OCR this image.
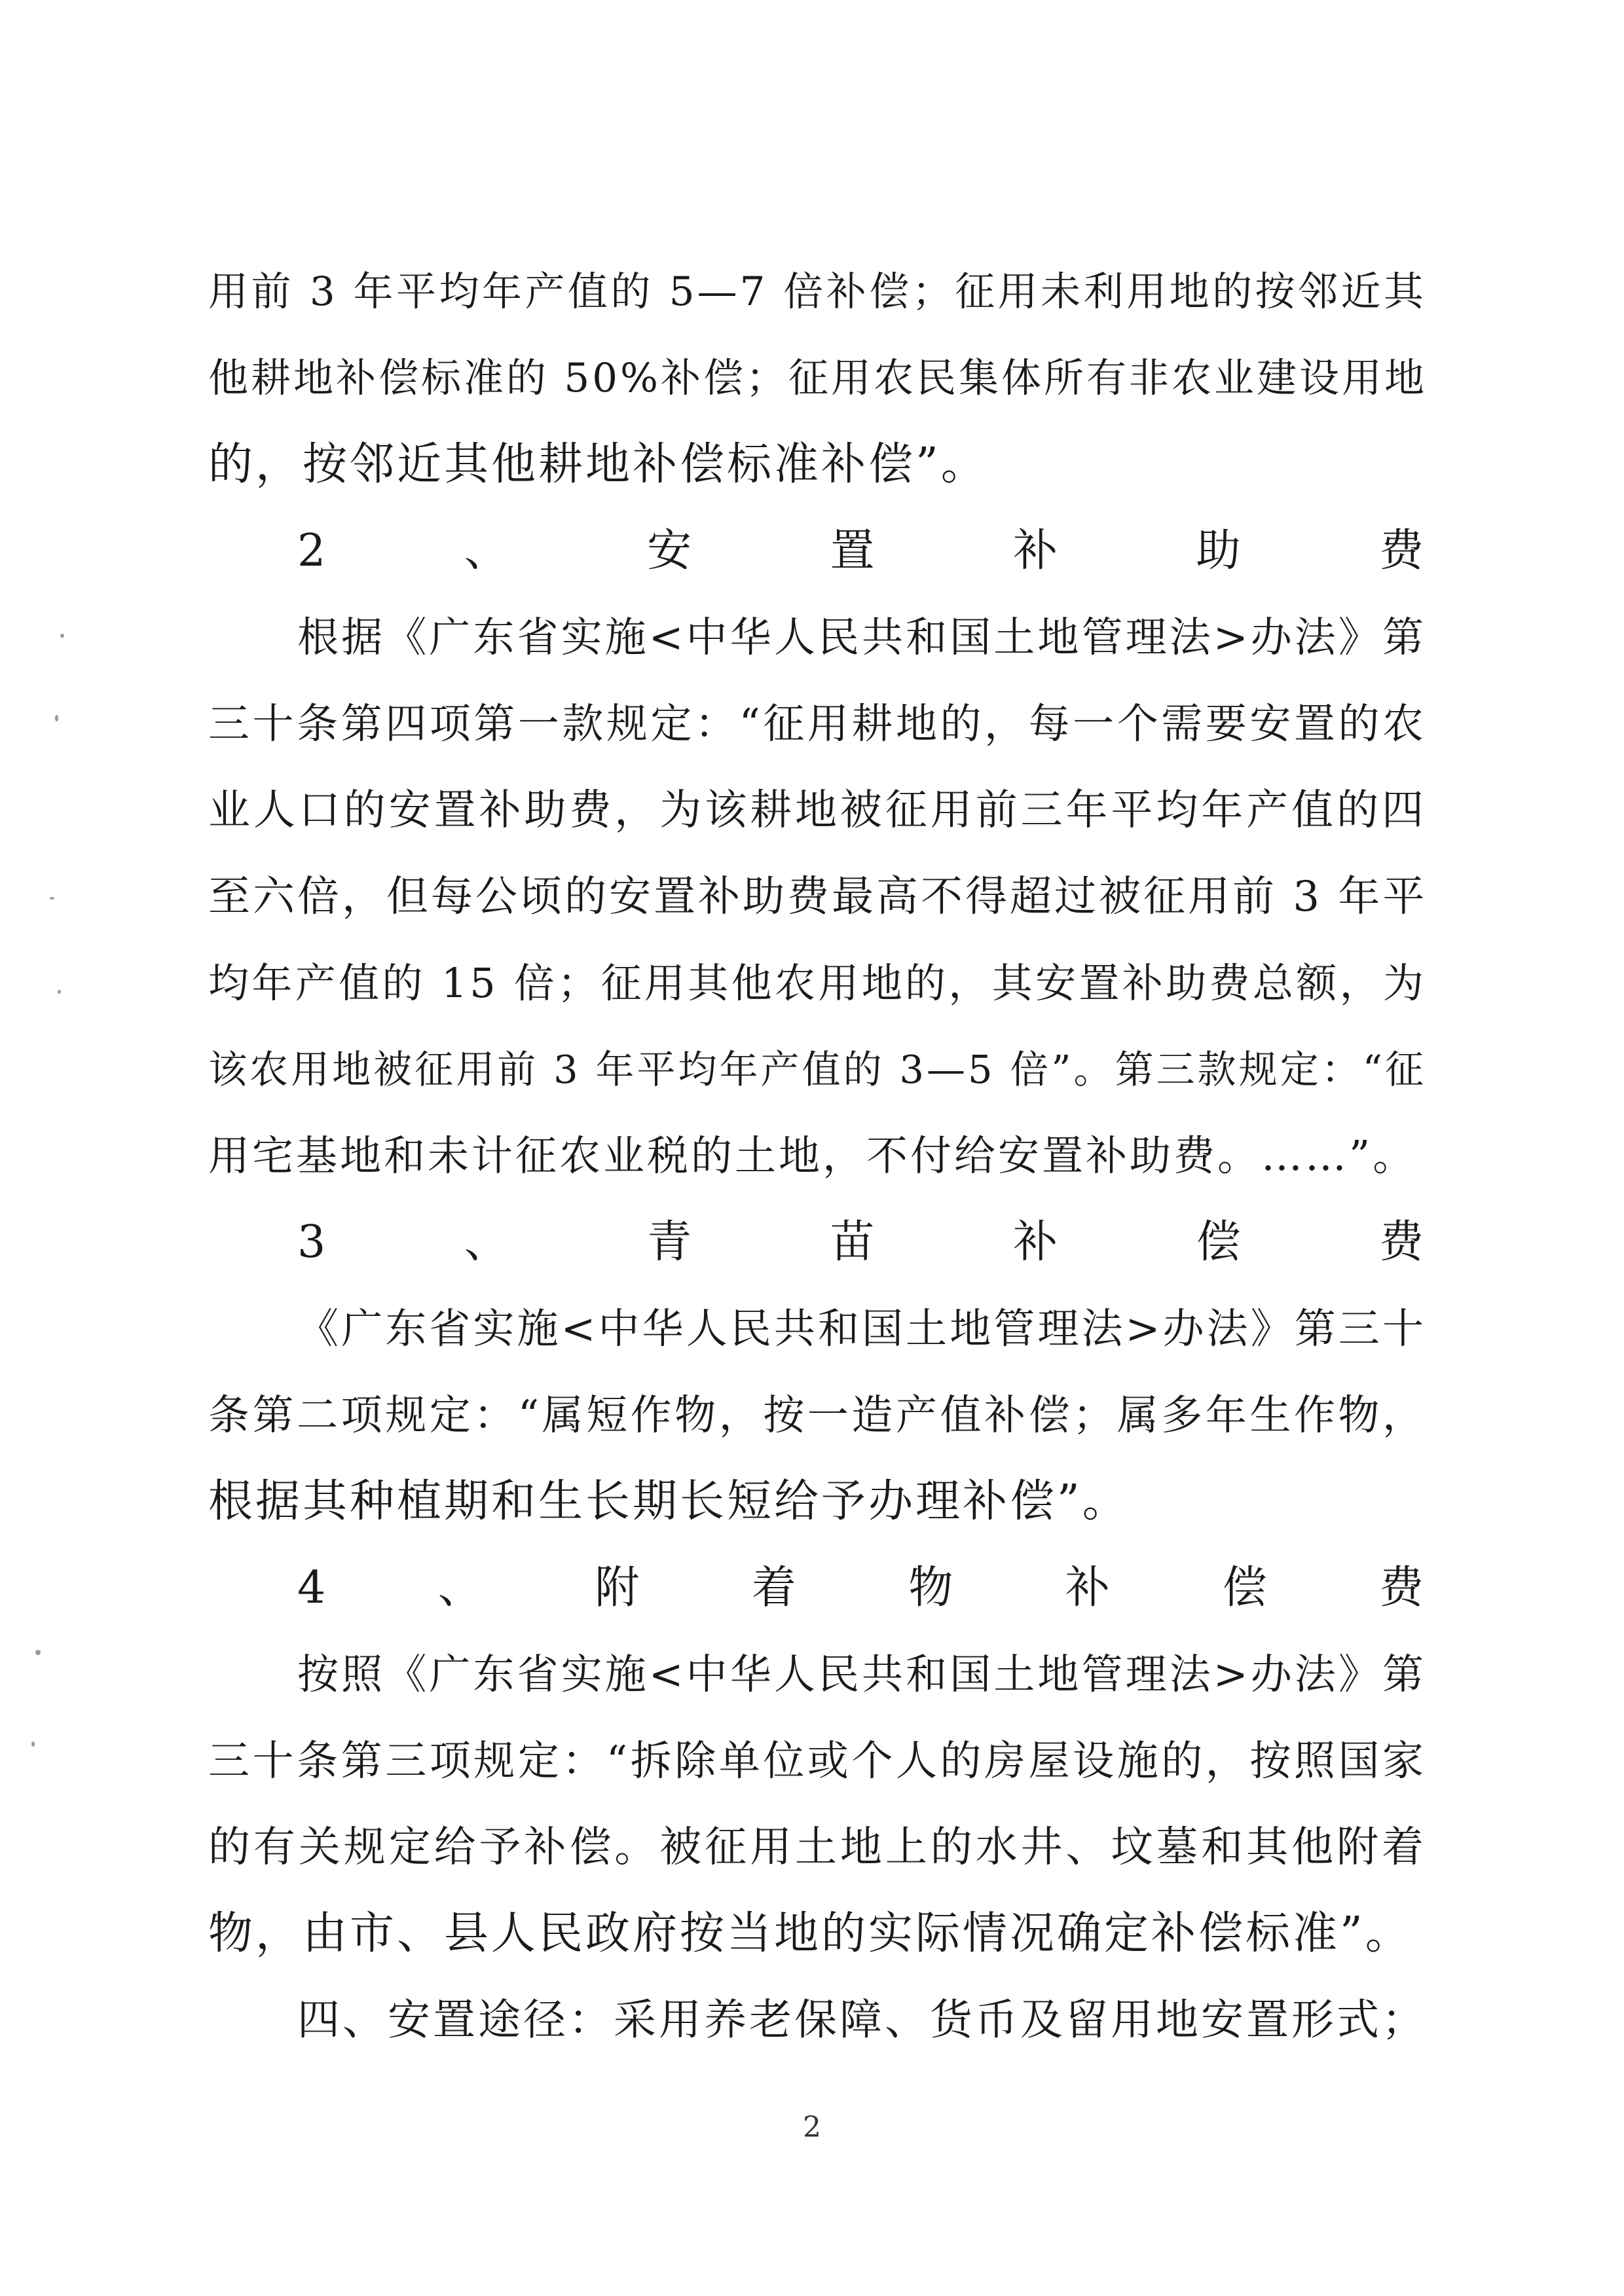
用前 3 年平均年产值的 5—7 倍补偿；征用未利用地的按邻近其
他耕地补偿标准的 50%补偿；征用农民集体所有非农业建设用地
的，按邻近其他耕地补偿标准补偿”。
2、安置补助费
根据《广东省实施<中华人民共和国土地管理法>办法》第
三十条第四项第一款规定：“征用耕地的，每一个需要安置的农
业人口的安置补助费，为该耕地被征用前三年平均年产值的四
至六倍，但每公顷的安置补助费最高不得超过被征用前 3 年平
均年产值的 15 倍；征用其他农用地的，其安置补助费总额，为
该农用地被征用前 3 年平均年产值的 3—5 倍”。第三款规定：“征
用宅基地和未计征农业税的土地，不付给安置补助费。……”。
3、青苗补偿费
《广东省实施<中华人民共和国土地管理法>办法》第三十
条第二项规定：“属短作物，按一造产值补偿；属多年生作物，
根据其种植期和生长期长短给予办理补偿”。
4、附着物补偿费
按照《广东省实施<中华人民共和国土地管理法>办法》第
三十条第三项规定：“拆除单位或个人的房屋设施的，按照国家
的有关规定给予补偿。被征用土地上的水井、坟墓和其他附着
物，由市、县人民政府按当地的实际情况确定补偿标准”。
四、安置途径：采用养老保障、货币及留用地安置形式；
2
